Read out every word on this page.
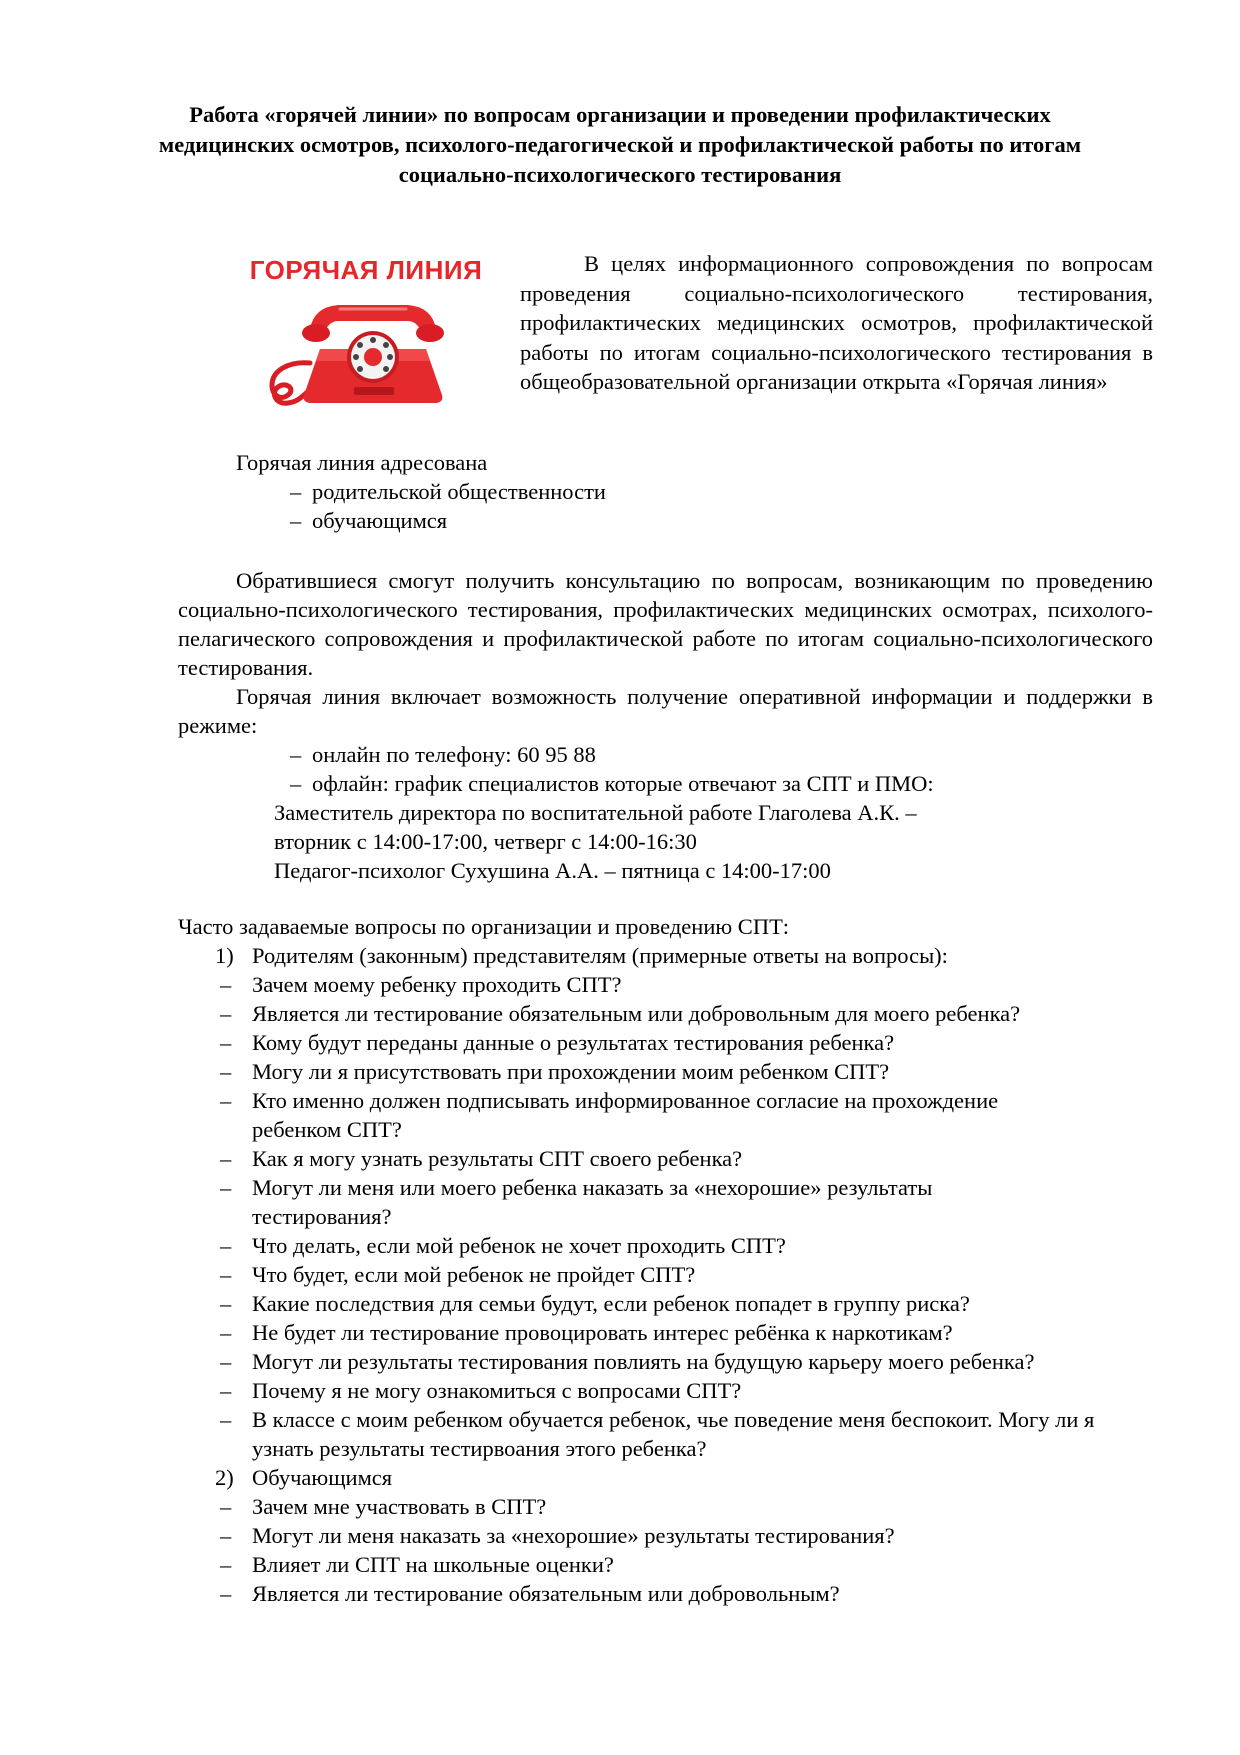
Работа «горячей линии» по вопросам организации и проведении профилактических медицинских осмотров, психолого-педагогической и профилактической работы по итогам социально-психологического тестирования
ГОРЯЧАЯ ЛИНИЯ	В целях информационного сопровождения по вопросам проведения социально-психологического тестирования, профилактических медицинских осмотров, профилактической работы по итогам социально-психологического тестирования в общеобразовательной организации открыта «Горячая линия»

Горячая линия адресована

– родительской общественности
– обучающимся

Обратившиеся смогут получить консультацию по вопросам, возникающим по проведению социально-психологического тестирования, профилактических медицинских осмотрах, психолого-пелагического сопровождения и профилактической работе по итогам социально-психологического тестирования.

Горячая линия включает возможность получение оперативной информации и поддержки в режиме:

– онлайн по телефону: 60 95 88
– офлайн: график специалистов которые отвечают за СПТ и ПМО:

Заместитель директора по воспитательной работе Глаголева А.К. –

вторник с 14:00-17:00, четверг с 14:00-16:30

Педагог-психолог Сухушина А.А. – пятница с 14:00-17:00

Часто задаваемые вопросы по организации и проведению СПТ:

1) Родителям (законным) представителям (примерные ответы на вопросы):

– Зачем моему ребенку проходить СПТ?

– Является ли тестирование обязательным или добровольным для моего ребенка?

– Кому будут переданы данные о результатах тестирования ребенка?

– Могу ли я присутствовать при прохождении моим ребенком СПТ?

– Кто именно должен подписывать информированное согласие на прохождение ребенком СПТ?

– Как я могу узнать результаты СПТ своего ребенка?

– Могут ли меня или моего ребенка наказать за «нехорошие» результаты тестирования?

– Что делать, если мой ребенок не хочет проходить СПТ?

– Что будет, если мой ребенок не пройдет СПТ?

– Какие последствия для семьи будут, если ребенок попадет в группу риска?

– Не будет ли тестирование провоцировать интерес ребёнка к наркотикам?

– Могут ли результаты тестирования повлиять на будущую карьеру моего ребенка?

– Почему я не могу ознакомиться с вопросами СПТ?

– В классе с моим ребенком обучается ребенок, чье поведение меня беспокоит. Могу ли я узнать результаты тестирвоания этого ребенка?

2) Обучающимся

– Зачем мне участвовать в СПТ?

– Могут ли меня наказать за «нехорошие» результаты тестирования?

– Влияет ли СПТ на школьные оценки?

– Является ли тестирование обязательным или добровольным?
